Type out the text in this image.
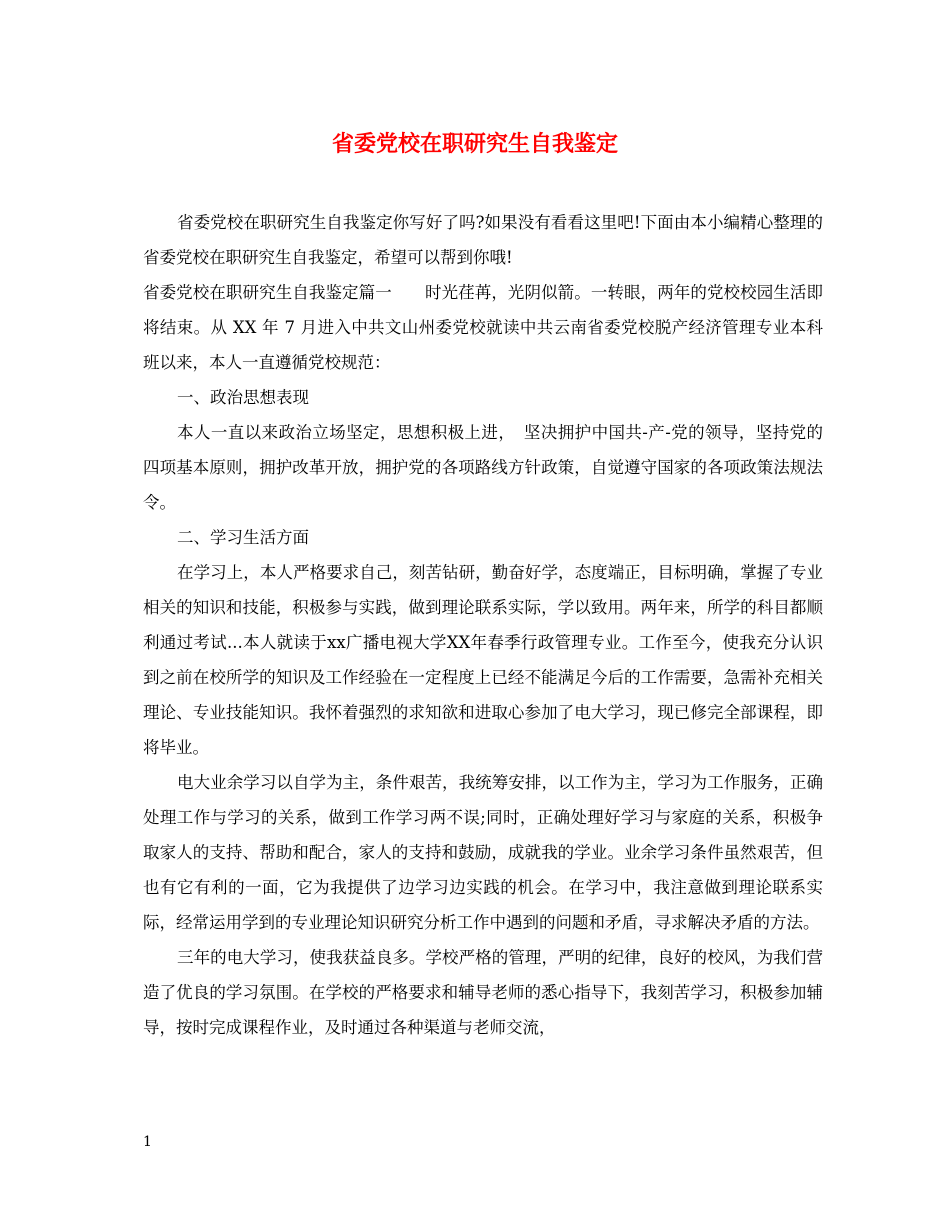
省委党校在职研究生自我鉴定

省委党校在职研究生自我鉴定你写好了吗?如果没有看看这里吧!下面由本小编精心整理的省委党校在职研究生自我鉴定，希望可以帮到你哦!

省委党校在职研究生自我鉴定篇一　　时光荏苒，光阴似箭。一转眼，两年的党校校园生活即将结束。从 XX 年 7 月进入中共文山州委党校就读中共云南省委党校脱产经济管理专业本科班以来，本人一直遵循党校规范：

一、政治思想表现

本人一直以来政治立场坚定，思想积极上进，　坚决拥护中国共-产-党的领导，坚持党的四项基本原则，拥护改革开放，拥护党的各项路线方针政策，自觉遵守国家的各项政策法规法令。

二、学习生活方面

在学习上，本人严格要求自己，刻苦钻研，勤奋好学，态度端正，目标明确，掌握了专业相关的知识和技能，积极参与实践，做到理论联系实际，学以致用。两年来，所学的科目都顺利通过考试...本人就读于xx广播电视大学XX年春季行政管理专业。工作至今，使我充分认识到之前在校所学的知识及工作经验在一定程度上已经不能满足今后的工作需要，急需补充相关理论、专业技能知识。我怀着强烈的求知欲和进取心参加了电大学习，现已修完全部课程，即将毕业。

电大业余学习以自学为主，条件艰苦，我统筹安排，以工作为主，学习为工作服务，正确处理工作与学习的关系，做到工作学习两不误;同时，正确处理好学习与家庭的关系，积极争取家人的支持、帮助和配合，家人的支持和鼓励，成就我的学业。业余学习条件虽然艰苦，但也有它有利的一面，它为我提供了边学习边实践的机会。在学习中，我注意做到理论联系实际，经常运用学到的专业理论知识研究分析工作中遇到的问题和矛盾，寻求解决矛盾的方法。

三年的电大学习，使我获益良多。学校严格的管理，严明的纪律，良好的校风，为我们营造了优良的学习氛围。在学校的严格要求和辅导老师的悉心指导下，我刻苦学习，积极参加辅导，按时完成课程作业，及时通过各种渠道与老师交流，

1
